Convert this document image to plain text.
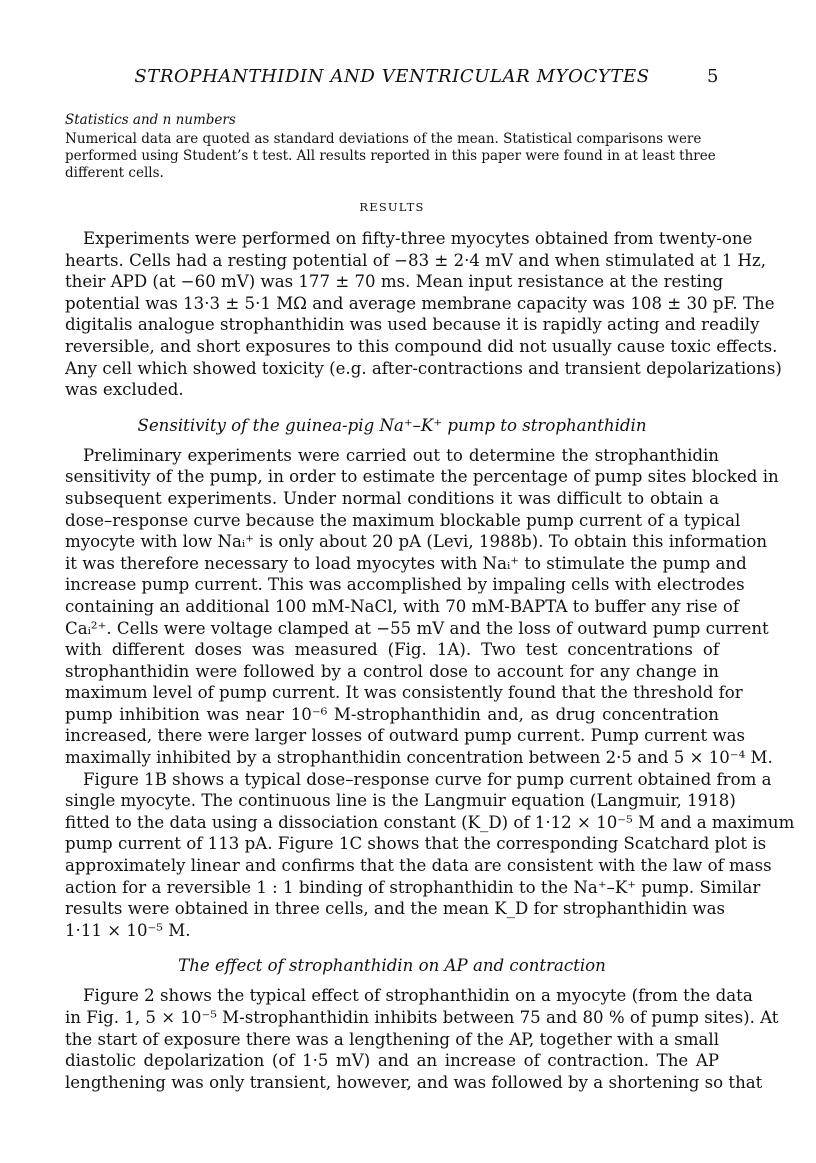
STROPHANTHIDIN AND VENTRICULAR MYOCYTES	5
Statistics and n numbers
Numerical data are quoted as standard deviations of the mean. Statistical comparisons were
performed using Student’s t test. All results reported in this paper were found in at least three
different cells.
RESULTS
Experiments were performed on fifty-three myocytes obtained from twenty-one
hearts. Cells had a resting potential of −83 ± 2·4 mV and when stimulated at 1 Hz,
their APD (at −60 mV) was 177 ± 70 ms. Mean input resistance at the resting
potential was 13·3 ± 5·1 MΩ and average membrane capacity was 108 ± 30 pF. The
digitalis analogue strophanthidin was used because it is rapidly acting and readily
reversible, and short exposures to this compound did not usually cause toxic effects.
Any cell which showed toxicity (e.g. after-contractions and transient depolarizations)
was excluded.
Sensitivity of the guinea-pig Na⁺–K⁺ pump to strophanthidin
Preliminary experiments were carried out to determine the strophanthidin
sensitivity of the pump, in order to estimate the percentage of pump sites blocked in
subsequent experiments. Under normal conditions it was difficult to obtain a
dose–response curve because the maximum blockable pump current of a typical
myocyte with low Naᵢ⁺ is only about 20 pA (Levi, 1988b). To obtain this information
it was therefore necessary to load myocytes with Naᵢ⁺ to stimulate the pump and
increase pump current. This was accomplished by impaling cells with electrodes
containing an additional 100 mM-NaCl, with 70 mM-BAPTA to buffer any rise of
Caᵢ²⁺. Cells were voltage clamped at −55 mV and the loss of outward pump current
with different doses was measured (Fig. 1A). Two test concentrations of
strophanthidin were followed by a control dose to account for any change in
maximum level of pump current. It was consistently found that the threshold for
pump inhibition was near 10⁻⁶ M-strophanthidin and, as drug concentration
increased, there were larger losses of outward pump current. Pump current was
maximally inhibited by a strophanthidin concentration between 2·5 and 5 × 10⁻⁴ M.
Figure 1B shows a typical dose–response curve for pump current obtained from a
single myocyte. The continuous line is the Langmuir equation (Langmuir, 1918)
fitted to the data using a dissociation constant (K_D) of 1·12 × 10⁻⁵ M and a maximum
pump current of 113 pA. Figure 1C shows that the corresponding Scatchard plot is
approximately linear and confirms that the data are consistent with the law of mass
action for a reversible 1 : 1 binding of strophanthidin to the Na⁺–K⁺ pump. Similar
results were obtained in three cells, and the mean K_D for strophanthidin was
1·11 × 10⁻⁵ M.
The effect of strophanthidin on AP and contraction
Figure 2 shows the typical effect of strophanthidin on a myocyte (from the data
in Fig. 1, 5 × 10⁻⁵ M-strophanthidin inhibits between 75 and 80 % of pump sites). At
the start of exposure there was a lengthening of the AP, together with a small
diastolic depolarization (of 1·5 mV) and an increase of contraction. The AP
lengthening was only transient, however, and was followed by a shortening so that
